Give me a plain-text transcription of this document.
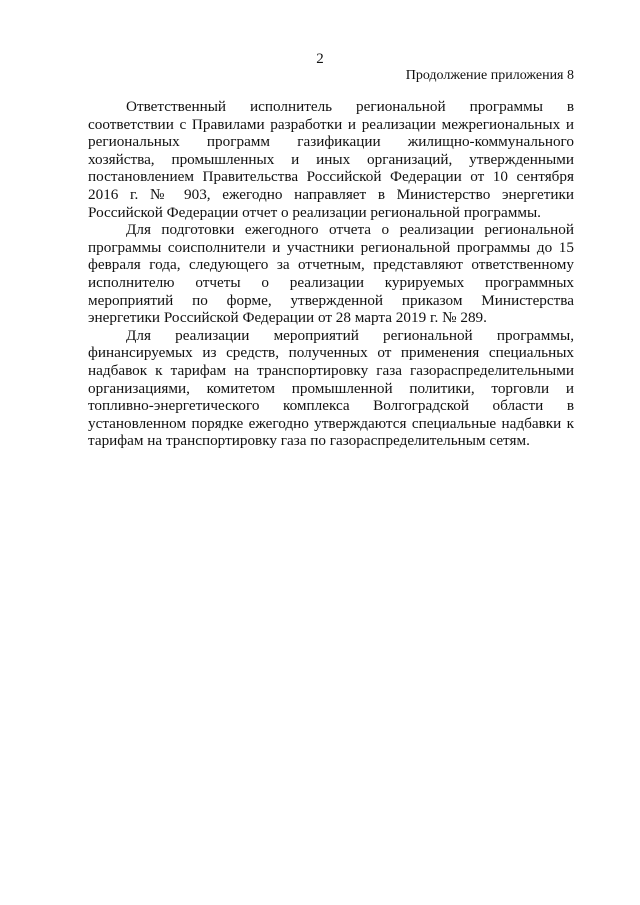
2
Продолжение приложения 8

Ответственный исполнитель региональной программы в соответствии с Правилами разработки и реализации межрегиональных и региональных программ газификации жилищно-коммунального хозяйства, промышленных и иных организаций, утвержденными постановлением Правительства Российской Федерации от 10 сентября 2016 г. № 903, ежегодно направляет в Министерство энергетики Российской Федерации отчет о реализации региональной программы.

Для подготовки ежегодного отчета о реализации региональной программы соисполнители и участники региональной программы до 15 февраля года, следующего за отчетным, представляют ответственному исполнителю отчеты о реализации курируемых программных мероприятий по форме, утвержденной приказом Министерства энергетики Российской Федерации от 28 марта 2019 г. № 289.

Для реализации мероприятий региональной программы, финансируемых из средств, полученных от применения специальных надбавок к тарифам на транспортировку газа газораспределительными организациями, комитетом промышленной политики, торговли и топливно-энергетического комплекса Волгоградской области в установленном порядке ежегодно утверждаются специальные надбавки к тарифам на транспортировку газа по газораспределительным сетям.
